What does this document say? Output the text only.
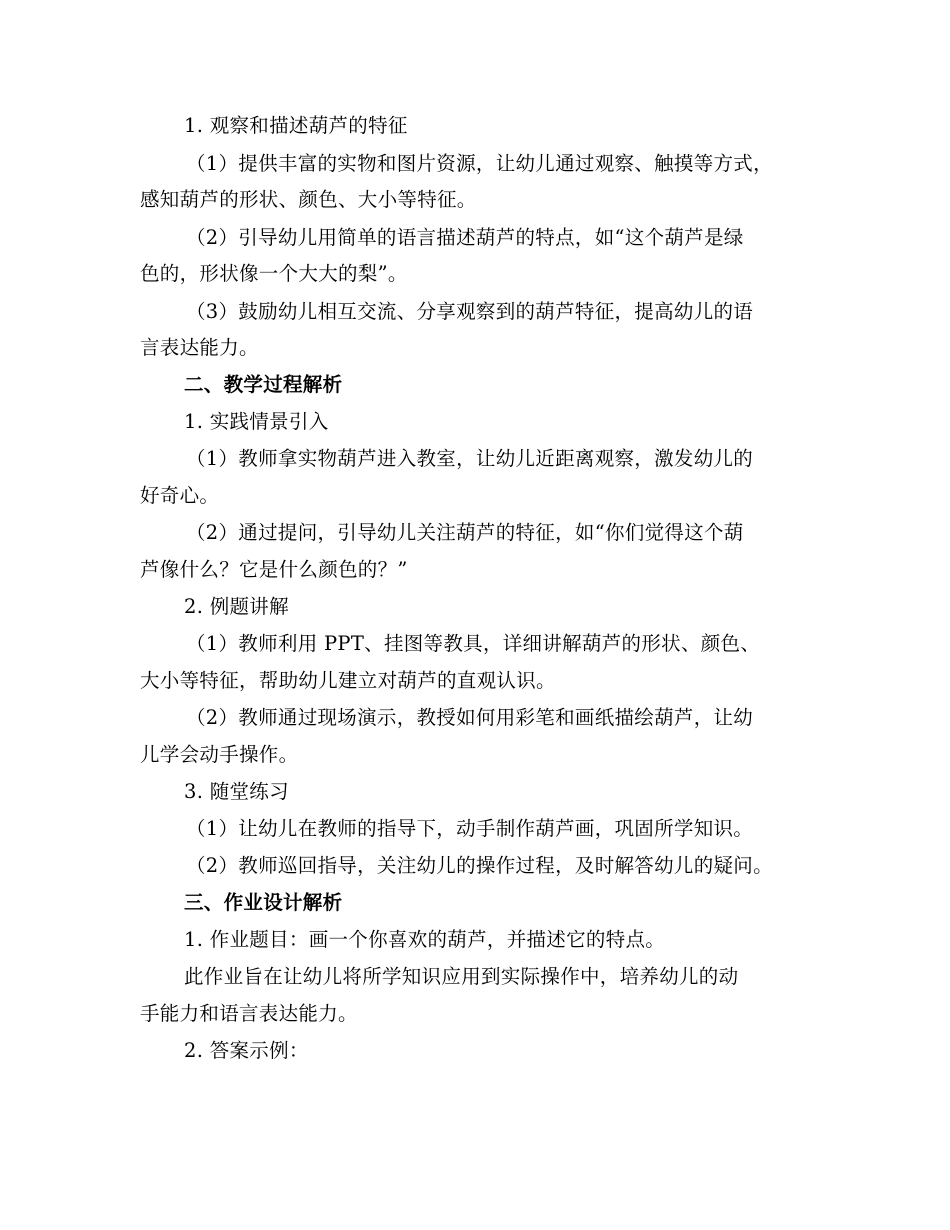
1. 观察和描述葫芦的特征
（1）提供丰富的实物和图片资源，让幼儿通过观察、触摸等方式，
感知葫芦的形状、颜色、大小等特征。
（2）引导幼儿用简单的语言描述葫芦的特点，如“这个葫芦是绿
色的，形状像一个大大的梨”。
（3）鼓励幼儿相互交流、分享观察到的葫芦特征，提高幼儿的语
言表达能力。
二、教学过程解析
1. 实践情景引入
（1）教师拿实物葫芦进入教室，让幼儿近距离观察，激发幼儿的
好奇心。
（2）通过提问，引导幼儿关注葫芦的特征，如“你们觉得这个葫
芦像什么？它是什么颜色的？”
2. 例题讲解
（1）教师利用 PPT、挂图等教具，详细讲解葫芦的形状、颜色、
大小等特征，帮助幼儿建立对葫芦的直观认识。
（2）教师通过现场演示，教授如何用彩笔和画纸描绘葫芦，让幼
儿学会动手操作。
3. 随堂练习
（1）让幼儿在教师的指导下，动手制作葫芦画，巩固所学知识。
（2）教师巡回指导，关注幼儿的操作过程，及时解答幼儿的疑问。
三、作业设计解析
1. 作业题目：画一个你喜欢的葫芦，并描述它的特点。
此作业旨在让幼儿将所学知识应用到实际操作中，培养幼儿的动
手能力和语言表达能力。
2. 答案示例：
